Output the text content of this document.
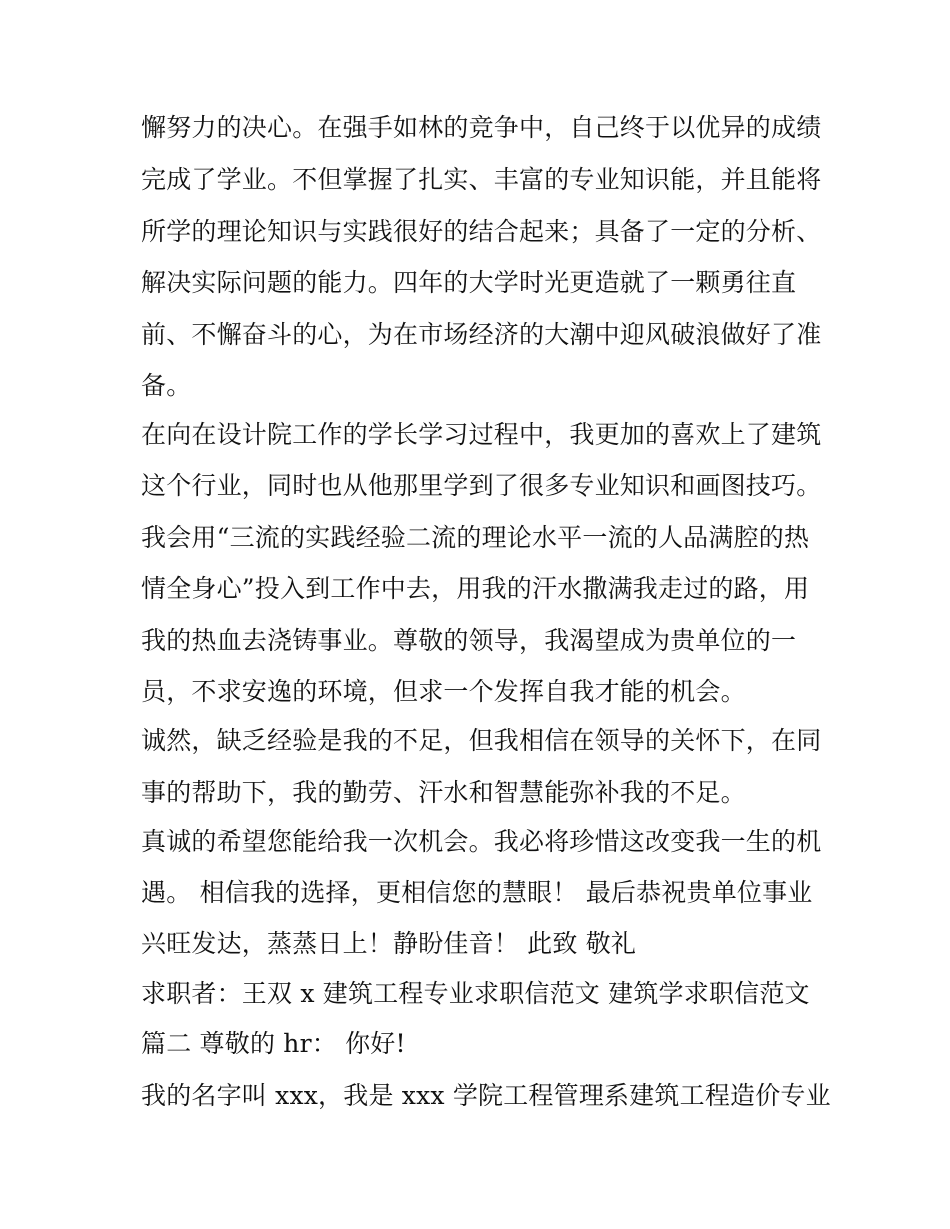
懈努力的决心。在强手如林的竞争中，自己终于以优异的成绩
完成了学业。不但掌握了扎实、丰富的专业知识能，并且能将
所学的理论知识与实践很好的结合起来；具备了一定的分析、
解决实际问题的能力。四年的大学时光更造就了一颗勇往直
前、不懈奋斗的心，为在市场经济的大潮中迎风破浪做好了准
备。
在向在设计院工作的学长学习过程中，我更加的喜欢上了建筑
这个行业，同时也从他那里学到了很多专业知识和画图技巧。
我会用“三流的实践经验二流的理论水平一流的人品满腔的热
情全身心”投入到工作中去，用我的汗水撒满我走过的路，用
我的热血去浇铸事业。尊敬的领导，我渴望成为贵单位的一
员，不求安逸的环境，但求一个发挥自我才能的机会。
诚然，缺乏经验是我的不足，但我相信在领导的关怀下，在同
事的帮助下，我的勤劳、汗水和智慧能弥补我的不足。
真诚的希望您能给我一次机会。我必将珍惜这改变我一生的机
遇。 相信我的选择，更相信您的慧眼！ 最后恭祝贵单位事业
兴旺发达，蒸蒸日上！静盼佳音！ 此致 敬礼
求职者：王双 x 建筑工程专业求职信范文 建筑学求职信范文
篇二 尊敬的 hr： 你好!
我的名字叫 xxx，我是 xxx 学院工程管理系建筑工程造价专业
